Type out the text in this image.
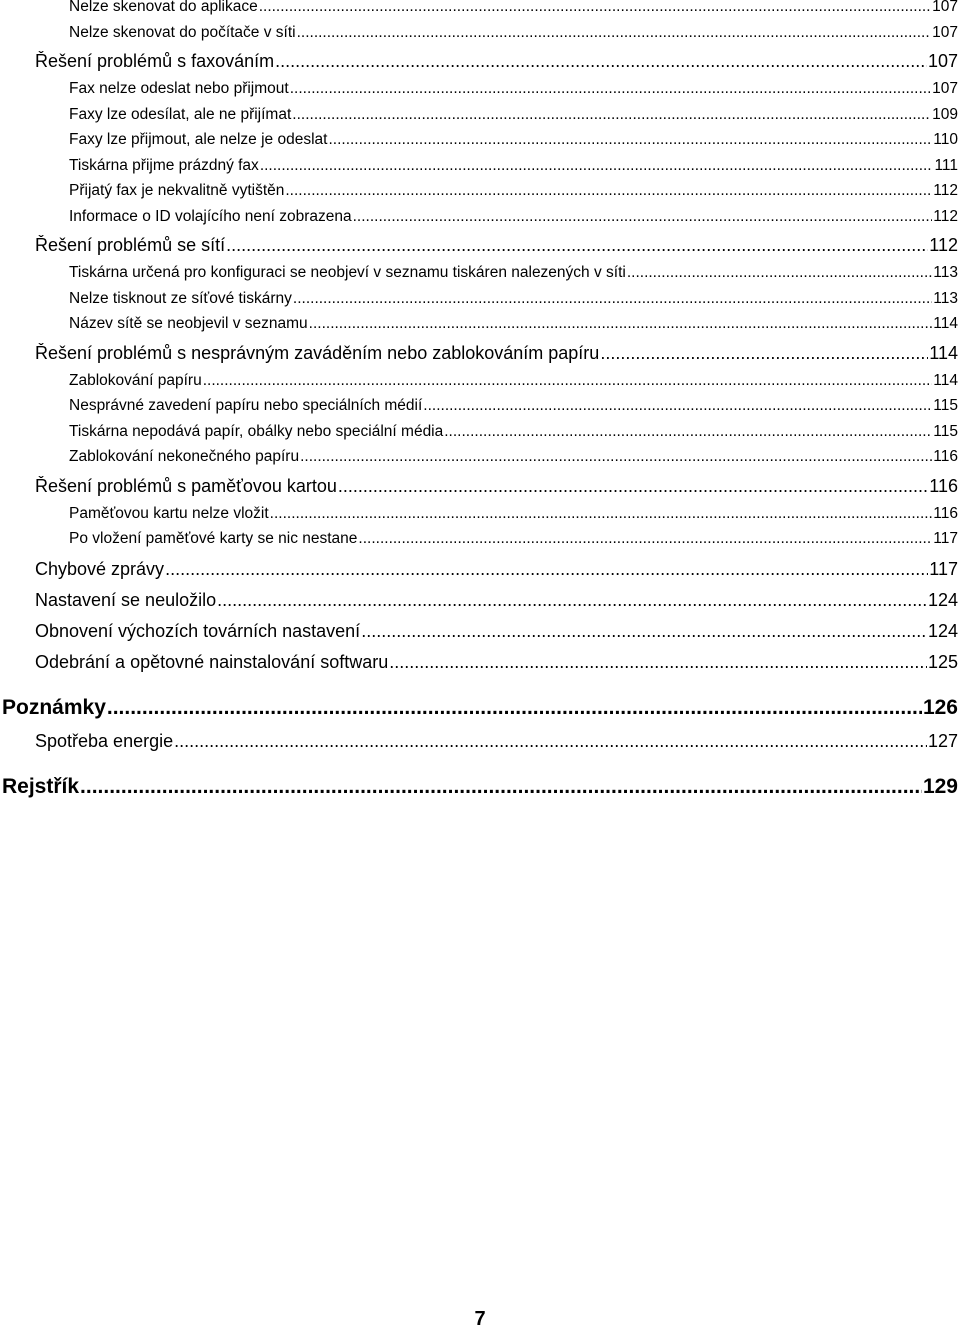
Nelze skenovat do aplikace .....	107
Nelze skenovat do počítače v síti .....	107
Řešení problémů s faxováním .....	107
Fax nelze odeslat nebo přijmout .....	107
Faxy lze odesílat, ale ne přijímat .....	109
Faxy lze přijmout, ale nelze je odeslat .....	110
Tiskárna přijme prázdný fax .....	111
Přijatý fax je nekvalitně vytištěn .....	112
Informace o ID volajícího není zobrazena .....	112
Řešení problémů se sítí .....	112
Tiskárna určená pro konfiguraci se neobjeví v seznamu tiskáren nalezených v síti .....	113
Nelze tisknout ze síťové tiskárny .....	113
Název sítě se neobjevil v seznamu .....	114
Řešení problémů s nesprávným zaváděním nebo zablokováním papíru .....	114
Zablokování papíru .....	114
Nesprávné zavedení papíru nebo speciálních médií .....	115
Tiskárna nepodává papír, obálky nebo speciální média .....	115
Zablokování nekonečného papíru .....	116
Řešení problémů s paměťovou kartou .....	116
Paměťovou kartu nelze vložit .....	116
Po vložení paměťové karty se nic nestane .....	117
Chybové zprávy .....	117
Nastavení se neuložilo .....	124
Obnovení výchozích továrních nastavení .....	124
Odebrání a opětovné nainstalování softwaru .....	125
Poznámky .....	126
Spotřeba energie .....	127
Rejstřík .....	129
7
